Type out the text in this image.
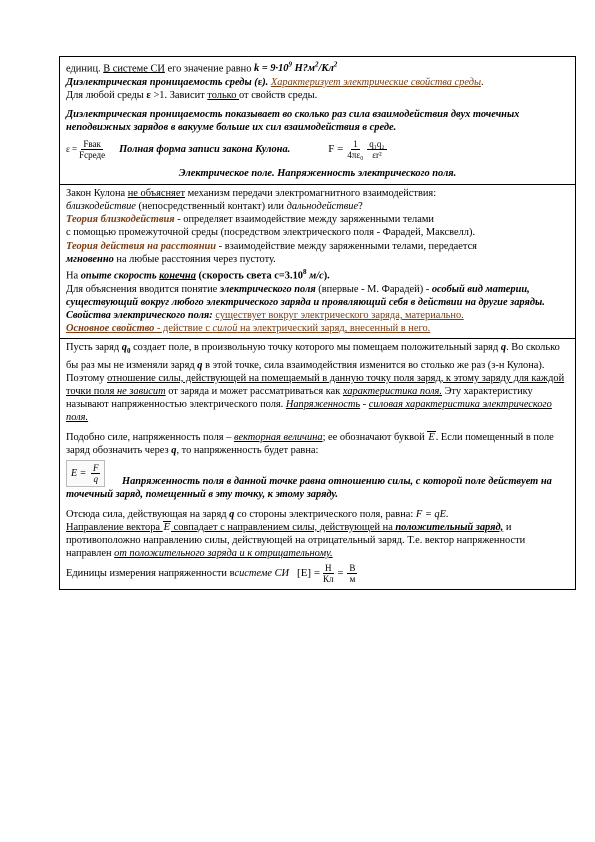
единиц. В системе СИ его значение равно $k = 9\cdot 10^9$ $Н?м^2/Кл^2$

Диэлектрическая проницаемость среды (ε). Характеризует электрические свойства среды.

Для любой среды ε >1. Зависит только от свойств среды.

Диэлектрическая проницаемость показывает во сколько раз сила взаимодействия двух точечных неподвижных зарядов в вакууме больше их сил взаимодействия в среде.

$\varepsilon = \frac{\text{Fвак}}{\text{Fсреде}}$ Полная форма записи закона Кулона.	$F = \frac{1}{\text{4πε₀}} \frac{\text{q₁q₂}}{\text{εr²}}$

Электрическое поле. Напряженность электрического поля.

Закон Кулона не объясняет механизм передачи электромагнитного взаимодействия:

близкодействие (непосредственный контакт) или дальнодействие?

Теория близкодействия - определяет взаимодействие между заряженными телами

с помощью промежуточной среды (посредством электрического поля - Фарадей, Максвелл).

Теория действия на расстоянии - взаимодействие между заряженными телами, передается

мгновенно на любые расстояния через пустоту.

На опыте скорость конечна (скорость света $c=3.10^8$ м/с).

Для объяснения вводится понятие электрического поля (впервые - М. Фарадей) - особый вид материи, существующий вокруг любого электрического заряда и проявляющий себя в действии на другие заряды.

Свойства электрического поля: существует вокруг электрического заряда, материально.

Основное свойство - действие с силой на электрический заряд, внесенный в него.

Пусть заряд $q_0$ создает поле, в произвольную точку которого мы помещаем положительный заряд q. Во сколько бы раз мы не изменяли заряд q в этой точке, сила взаимодействия изменится во столько же раз (з-н Кулона). Поэтому отношение силы, действующей на помещаемый в данную точку поля заряд, к этому заряду для каждой точки поля не зависит от заряда и может рассматриваться как характеристика поля. Эту характеристику называют напряженностью электрического поля. Напряженность - силовая характеристика электрического поля.

Подобно силе, напряженность поля – векторная величина; ее обозначают буквой E. Если помещенный в поле заряд обозначить через q, то напряженность будет равна:

$E = \frac{F}{q}$	Напряженность поля в данной точке равна отношению силы, с которой поле действует на точечный заряд, помещенный в эту точку, к этому заряду.

Отсюда сила, действующая на заряд q со стороны электрического поля, равна: F = qE.

Направление вектора E совпадает с направлением силы, действующей на положительный заряд, и противоположно направлению силы, действующей на отрицательный заряд. Т.е. вектор напряженности направлен от положительного заряда и к отрицательному.

Единицы измерения напряженности в системе СИ $[E] = \frac{Н}{Кл} = \frac{В}{м}$
